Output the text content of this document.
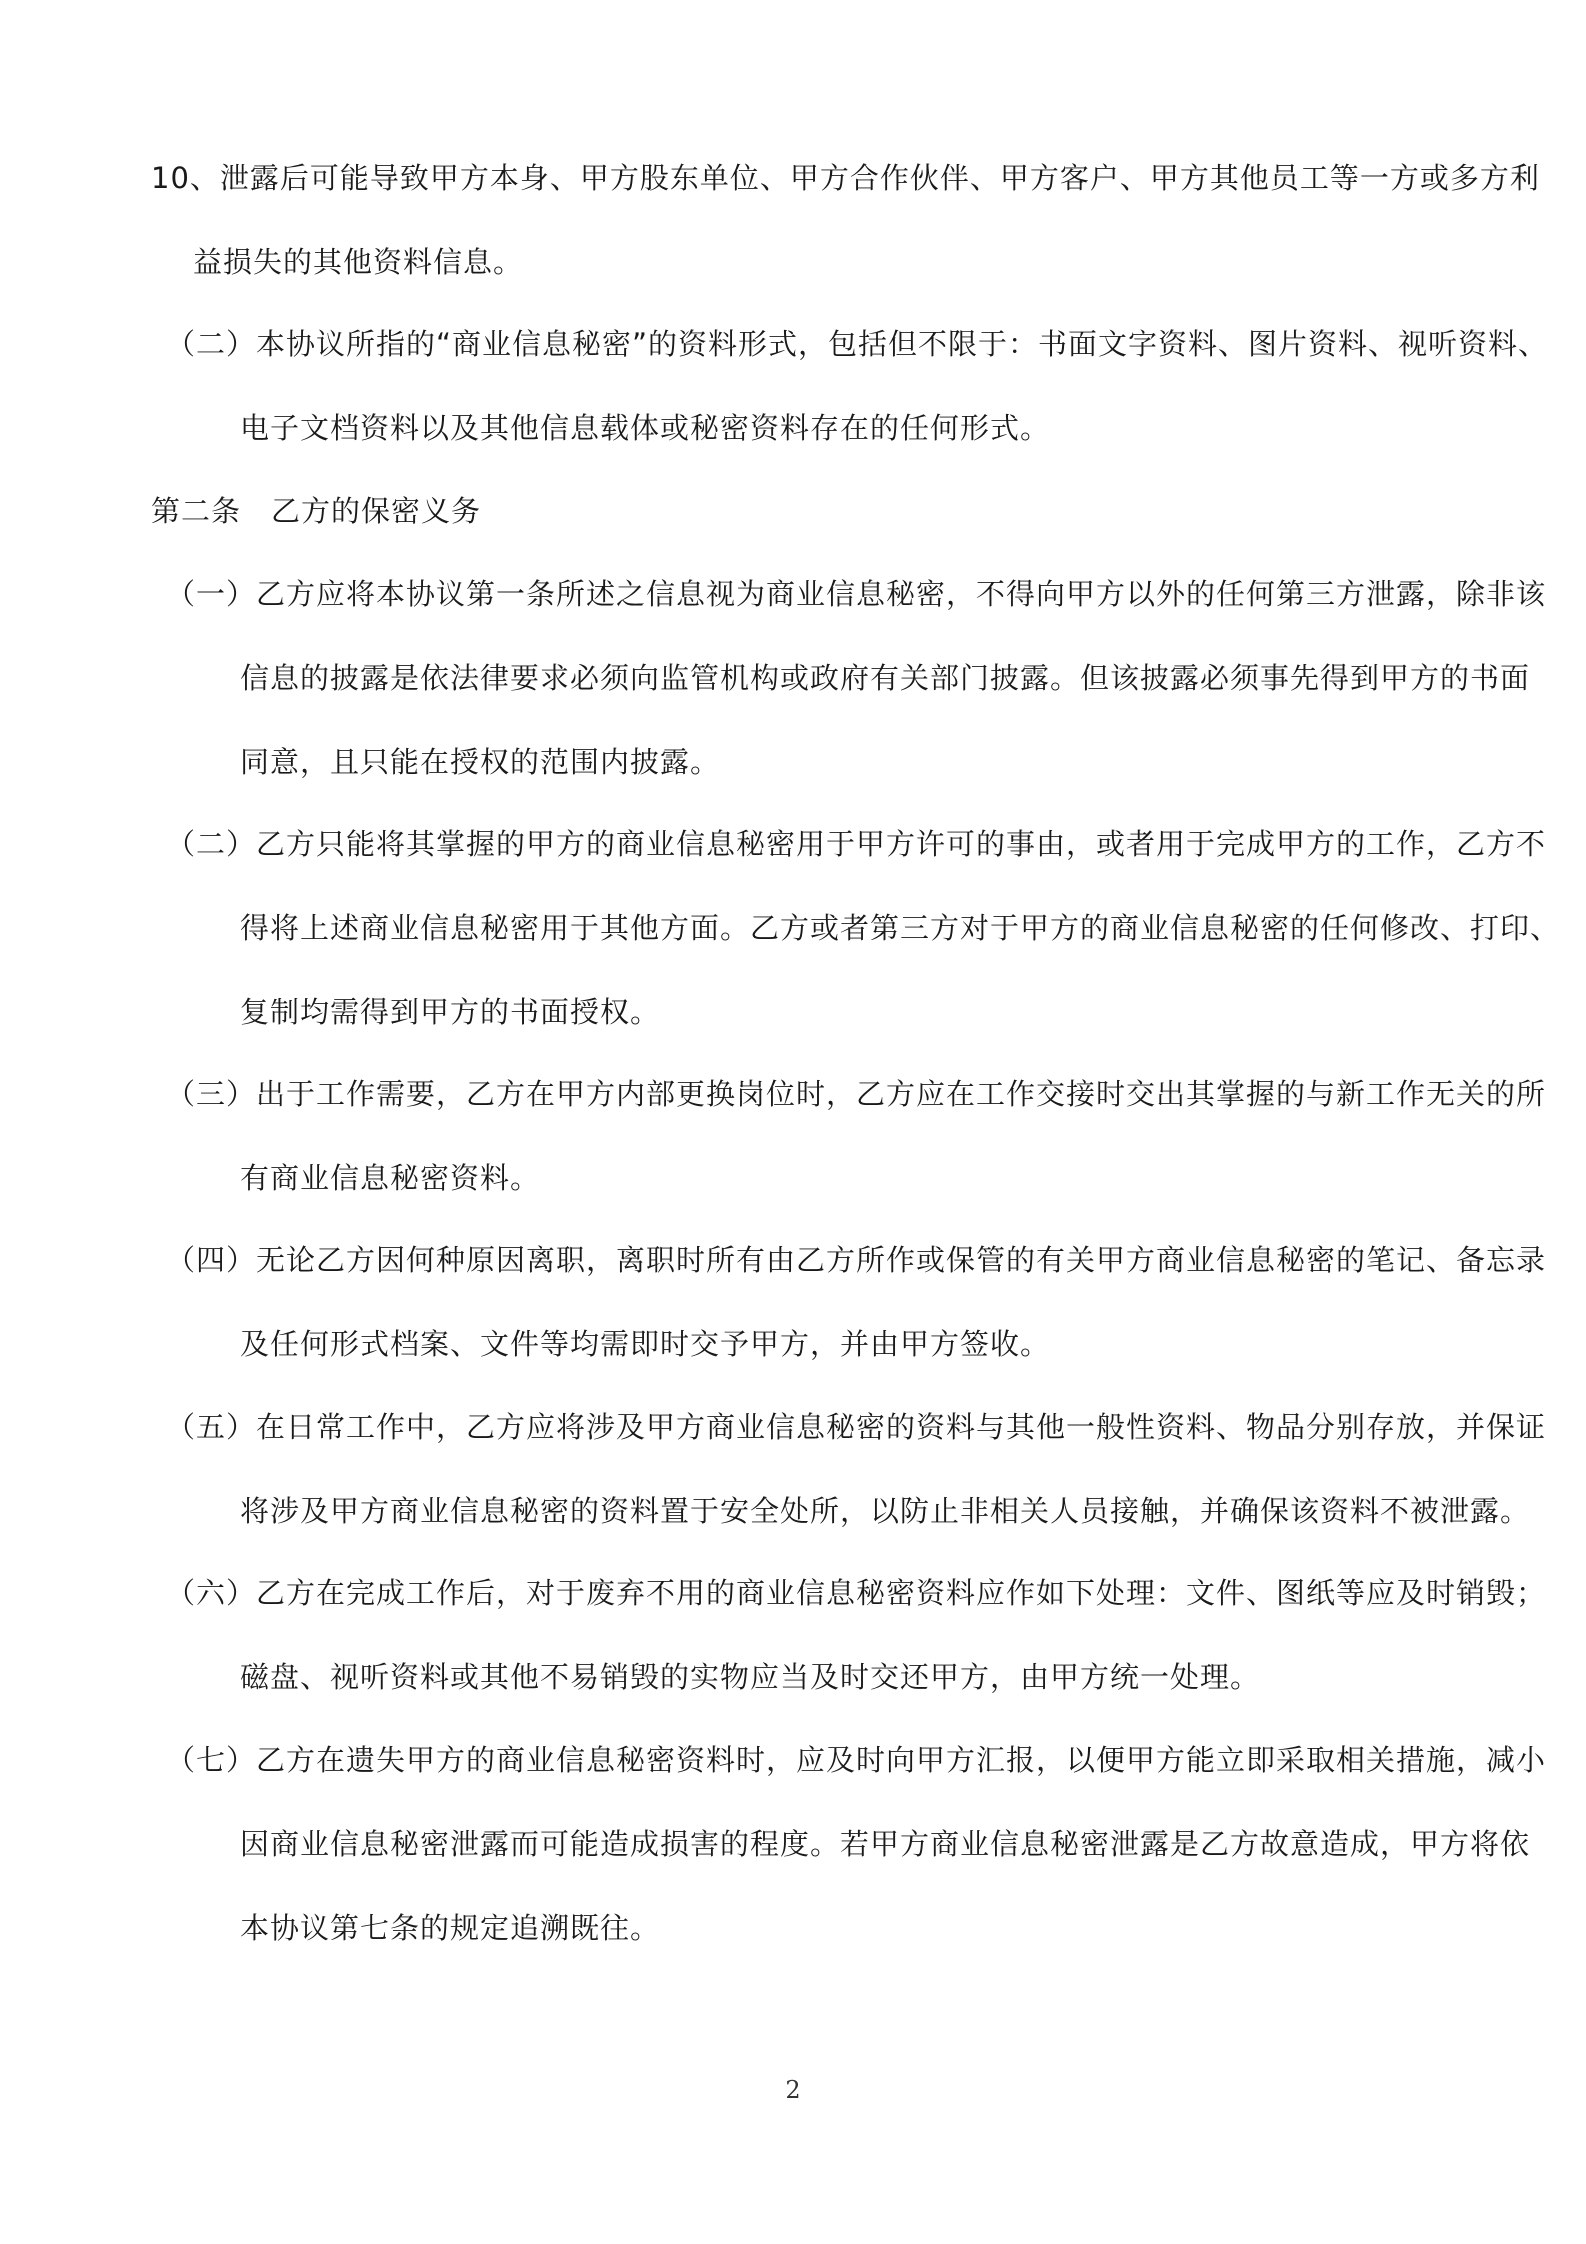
10、泄露后可能导致甲方本身、甲方股东单位、甲方合作伙伴、甲方客户、甲方其他员工等一方或多方利
益损失的其他资料信息。

（二）本协议所指的“商业信息秘密”的资料形式，包括但不限于：书面文字资料、图片资料、视听资料、
电子文档资料以及其他信息载体或秘密资料存在的任何形式。

第二条　乙方的保密义务

（一）乙方应将本协议第一条所述之信息视为商业信息秘密，不得向甲方以外的任何第三方泄露，除非该
信息的披露是依法律要求必须向监管机构或政府有关部门披露。但该披露必须事先得到甲方的书面
同意，且只能在授权的范围内披露。

（二）乙方只能将其掌握的甲方的商业信息秘密用于甲方许可的事由，或者用于完成甲方的工作，乙方不
得将上述商业信息秘密用于其他方面。乙方或者第三方对于甲方的商业信息秘密的任何修改、打印、
复制均需得到甲方的书面授权。

（三）出于工作需要，乙方在甲方内部更换岗位时，乙方应在工作交接时交出其掌握的与新工作无关的所
有商业信息秘密资料。

（四）无论乙方因何种原因离职，离职时所有由乙方所作或保管的有关甲方商业信息秘密的笔记、备忘录
及任何形式档案、文件等均需即时交予甲方，并由甲方签收。

（五）在日常工作中，乙方应将涉及甲方商业信息秘密的资料与其他一般性资料、物品分别存放，并保证
将涉及甲方商业信息秘密的资料置于安全处所，以防止非相关人员接触，并确保该资料不被泄露。

（六）乙方在完成工作后，对于废弃不用的商业信息秘密资料应作如下处理：文件、图纸等应及时销毁；
磁盘、视听资料或其他不易销毁的实物应当及时交还甲方，由甲方统一处理。

（七）乙方在遗失甲方的商业信息秘密资料时，应及时向甲方汇报，以便甲方能立即采取相关措施，减小
因商业信息秘密泄露而可能造成损害的程度。若甲方商业信息秘密泄露是乙方故意造成，甲方将依
本协议第七条的规定追溯既往。

2
